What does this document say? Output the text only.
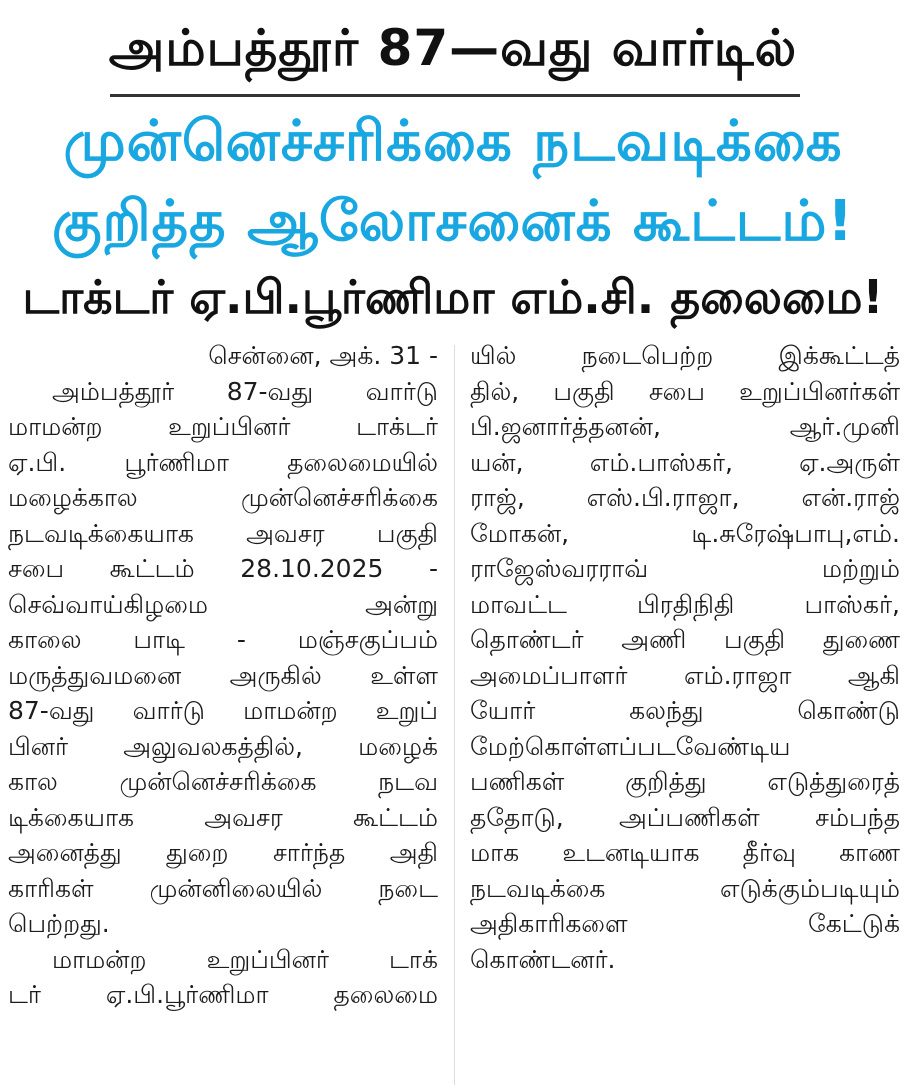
அம்பத்தூர் 87—வது வார்டில்
முன்னெச்சரிக்கை நடவடிக்கை
குறித்த ஆலோசனைக் கூட்டம்!
டாக்டர் ஏ.பி.பூர்ணிமா எம்.சி. தலைமை!
சென்னை, அக். 31 -
அம்பத்தூர் 87-வது வார்டு
மாமன்ற உறுப்பினர் டாக்டர்
ஏ.பி. பூர்ணிமா தலைமையில்
மழைக்கால முன்னெச்சரிக்கை
நடவடிக்கையாக அவசர பகுதி
சபை கூட்டம் 28.10.2025 -
செவ்வாய்கிழமை அன்று
காலை பாடி - மஞ்சகுப்பம்
மருத்துவமனை அருகில் உள்ள
87-வது வார்டு மாமன்ற உறுப்
பினர் அலுவலகத்தில், மழைக்
கால முன்னெச்சரிக்கை நடவ
டிக்கையாக அவசர கூட்டம்
அனைத்து துறை சார்ந்த அதி
காரிகள் முன்னிலையில் நடை
பெற்றது.
மாமன்ற உறுப்பினர் டாக்
டர் ஏ.பி.பூர்ணிமா தலைமை
யில் நடைபெற்ற இக்கூட்டத்
தில், பகுதி சபை உறுப்பினர்கள்
பி.ஜனார்த்தனன், ஆர்.முனி
யன், எம்.பாஸ்கர், ஏ.அருள்
ராஜ், எஸ்.பி.ராஜா, என்.ராஜ்
மோகன், டி.சுரேஷ்பாபு,எம்.
ராஜேஸ்வரராவ் மற்றும்
மாவட்ட பிரதிநிதி பாஸ்கர்,
தொண்டர் அணி பகுதி துணை
அமைப்பாளர் எம்.ராஜா ஆகி
யோர் கலந்து கொண்டு
மேற்கொள்ளப்படவேண்டிய
பணிகள் குறித்து எடுத்துரைத்
ததோடு, அப்பணிகள் சம்பந்த
மாக உடனடியாக தீர்வு காண
நடவடிக்கை எடுக்கும்படியும்
அதிகாரிகளை கேட்டுக்
கொண்டனர்.
